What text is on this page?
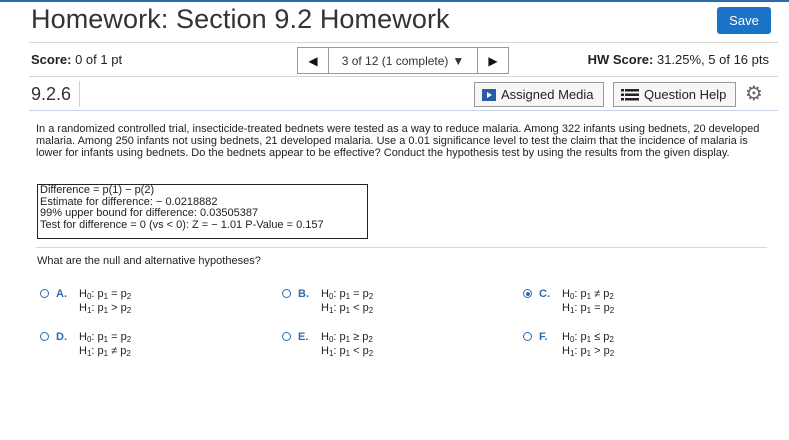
Homework: Section 9.2 Homework	Save
Score: 0 of 1 pt	◀ 3 of 12 (1 complete) ▼ ▶	HW Score: 31.25%, 5 of 16 pts
9.2.6	Assigned Media	Question Help ⚙
In a randomized controlled trial, insecticide-treated bednets were tested as a way to reduce malaria. Among 322 infants using bednets, 20 developed malaria. Among 250 infants not using bednets, 21 developed malaria. Use a 0.01 significance level to test the claim that the incidence of malaria is lower for infants using bednets. Do the bednets appear to be effective? Conduct the hypothesis test by using the results from the given display.
Difference = p(1) − p(2)
Estimate for difference: − 0.0218882
99% upper bound for difference: 0.03505387
Test for difference = 0 (vs < 0): Z = − 1.01 P-Value = 0.157
What are the null and alternative hypotheses?
A. $H_0$: $p_1 = p_2$
$H_1$: $p_1 > p_2$
B. $H_0$: $p_1 = p_2$
$H_1$: $p_1 < p_2$
C. $H_0$: $p_1 \ne p_2$
$H_1$: $p_1 = p_2$
D. $H_0$: $p_1 = p_2$
$H_1$: $p_1 \ne p_2$
E. $H_0$: $p_1 \ge p_2$
$H_1$: $p_1 < p_2$
F. $H_0$: $p_1 \le p_2$
$H_1$: $p_1 > p_2$
